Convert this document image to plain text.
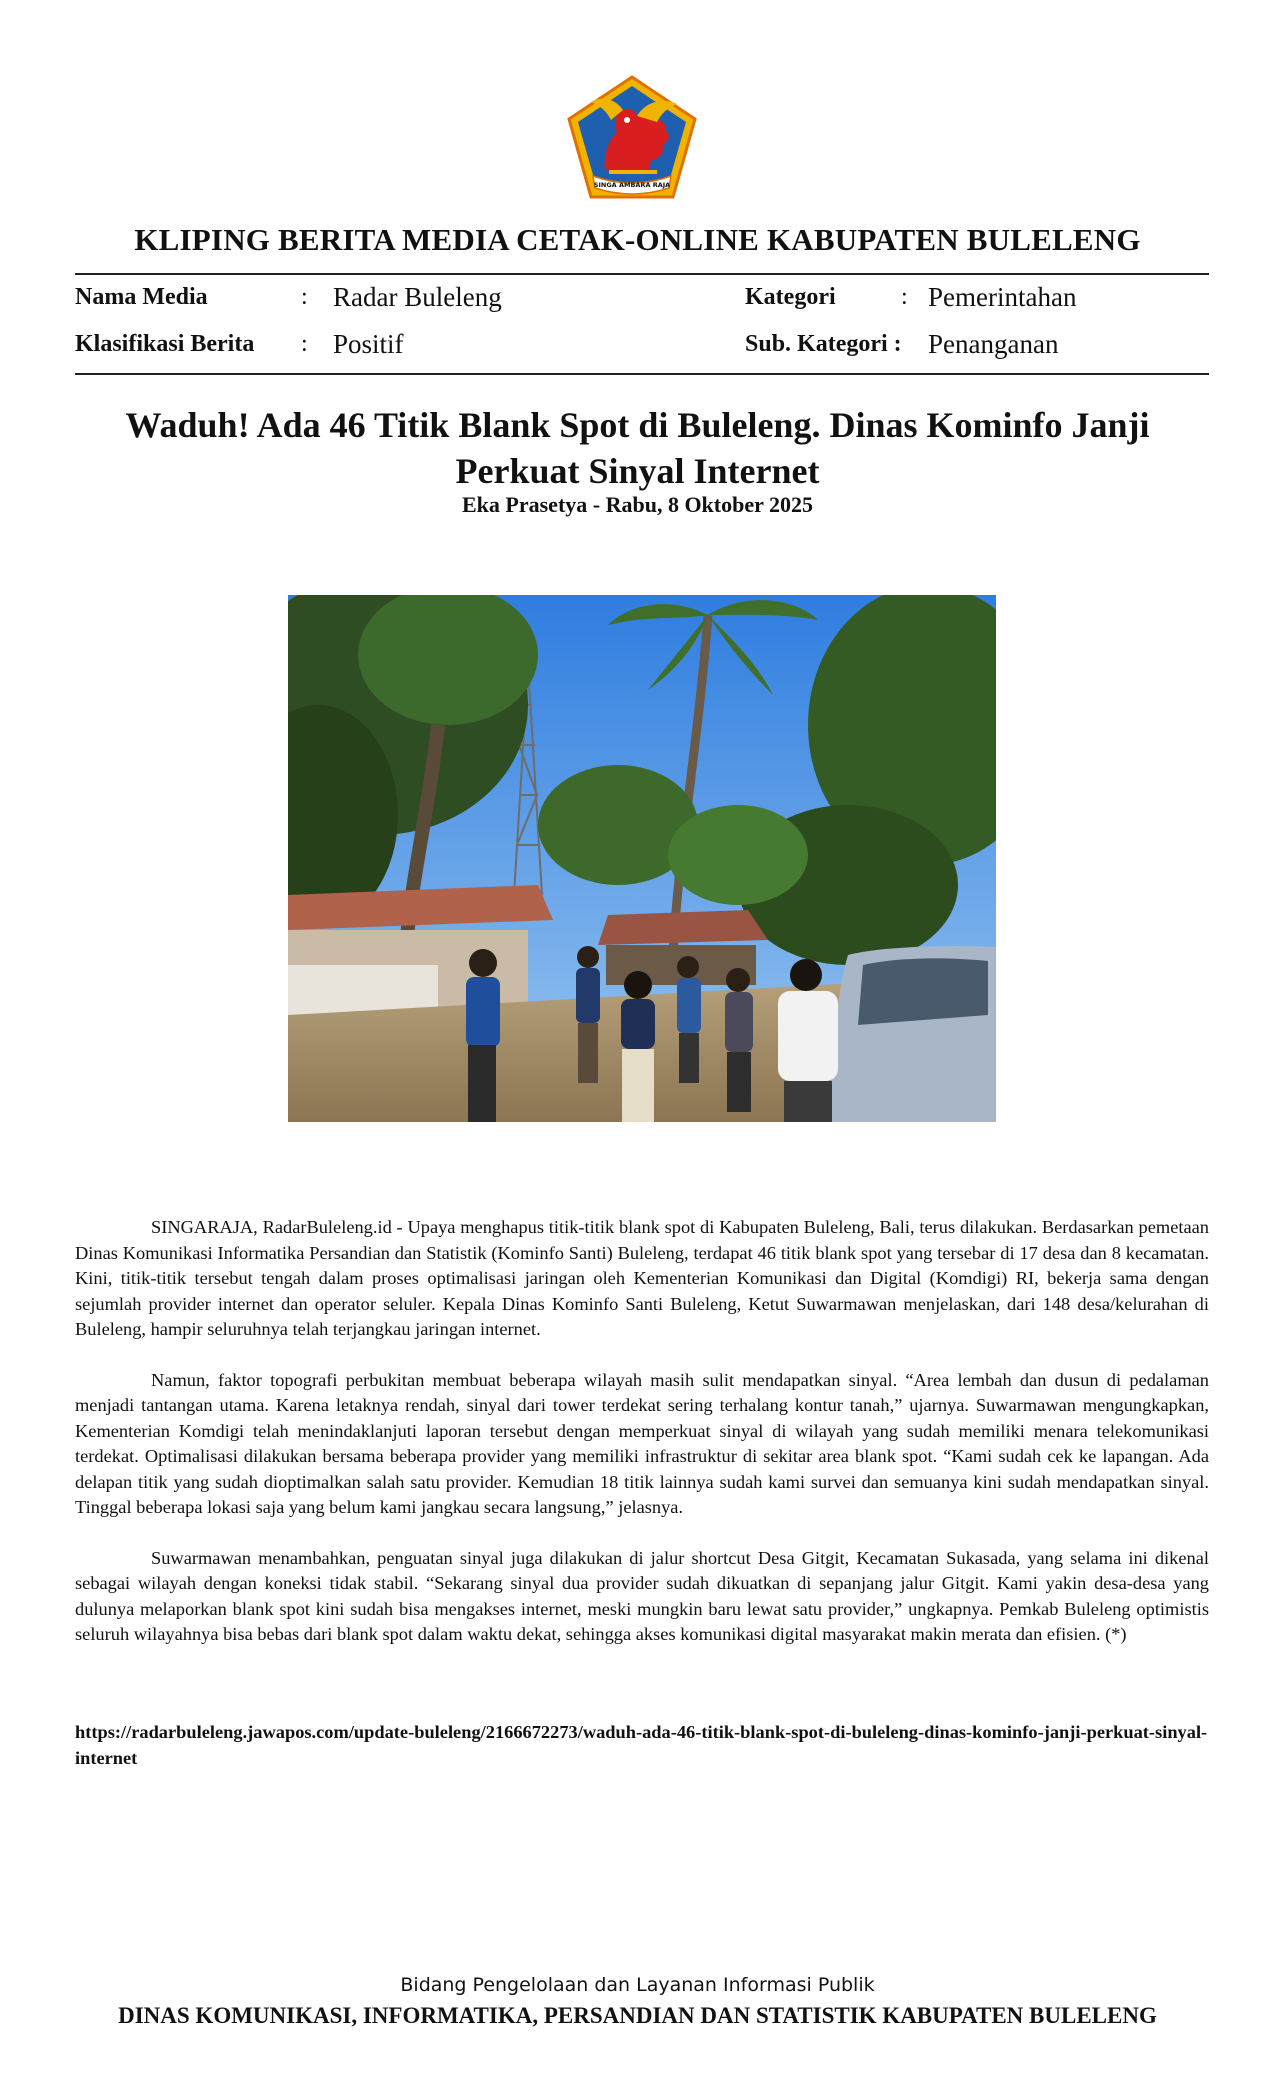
SINGA AMBARA RAJA
KLIPING BERITA MEDIA CETAK-ONLINE KABUPATEN BULELENG
Nama Media	: Radar Buleleng	Kategori	: Pemerintahan
Klasifikasi Berita : Positif	Sub. Kategori : Penanganan
Waduh! Ada 46 Titik Blank Spot di Buleleng. Dinas Kominfo Janji Perkuat Sinyal Internet
Eka Prasetya - Rabu, 8 Oktober 2025

SINGARAJA, RadarBuleleng.id - Upaya menghapus titik-titik blank spot di Kabupaten Buleleng, Bali, terus dilakukan. Berdasarkan pemetaan Dinas Komunikasi Informatika Persandian dan Statistik (Kominfo Santi) Buleleng, terdapat 46 titik blank spot yang tersebar di 17 desa dan 8 kecamatan. Kini, titik-titik tersebut tengah dalam proses optimalisasi jaringan oleh Kementerian Komunikasi dan Digital (Komdigi) RI, bekerja sama dengan sejumlah provider internet dan operator seluler. Kepala Dinas Kominfo Santi Buleleng, Ketut Suwarmawan menjelaskan, dari 148 desa/kelurahan di Buleleng, hampir seluruhnya telah terjangkau jaringan internet.

Namun, faktor topografi perbukitan membuat beberapa wilayah masih sulit mendapatkan sinyal. “Area lembah dan dusun di pedalaman menjadi tantangan utama. Karena letaknya rendah, sinyal dari tower terdekat sering terhalang kontur tanah,” ujarnya. Suwarmawan mengungkapkan, Kementerian Komdigi telah menindaklanjuti laporan tersebut dengan memperkuat sinyal di wilayah yang sudah memiliki menara telekomunikasi terdekat. Optimalisasi dilakukan bersama beberapa provider yang memiliki infrastruktur di sekitar area blank spot. “Kami sudah cek ke lapangan. Ada delapan titik yang sudah dioptimalkan salah satu provider. Kemudian 18 titik lainnya sudah kami survei dan semuanya kini sudah mendapatkan sinyal. Tinggal beberapa lokasi saja yang belum kami jangkau secara langsung,” jelasnya.

Suwarmawan menambahkan, penguatan sinyal juga dilakukan di jalur shortcut Desa Gitgit, Kecamatan Sukasada, yang selama ini dikenal sebagai wilayah dengan koneksi tidak stabil. “Sekarang sinyal dua provider sudah dikuatkan di sepanjang jalur Gitgit. Kami yakin desa-desa yang dulunya melaporkan blank spot kini sudah bisa mengakses internet, meski mungkin baru lewat satu provider,” ungkapnya. Pemkab Buleleng optimistis seluruh wilayahnya bisa bebas dari blank spot dalam waktu dekat, sehingga akses komunikasi digital masyarakat makin merata dan efisien. (*)

https://radarbuleleng.jawapos.com/update-buleleng/2166672273/waduh-ada-46-titik-blank-spot-di-buleleng-dinas-kominfo-janji-perkuat-sinyal-internet
Bidang Pengelolaan dan Layanan Informasi Publik
DINAS KOMUNIKASI, INFORMATIKA, PERSANDIAN DAN STATISTIK KABUPATEN BULELENG
